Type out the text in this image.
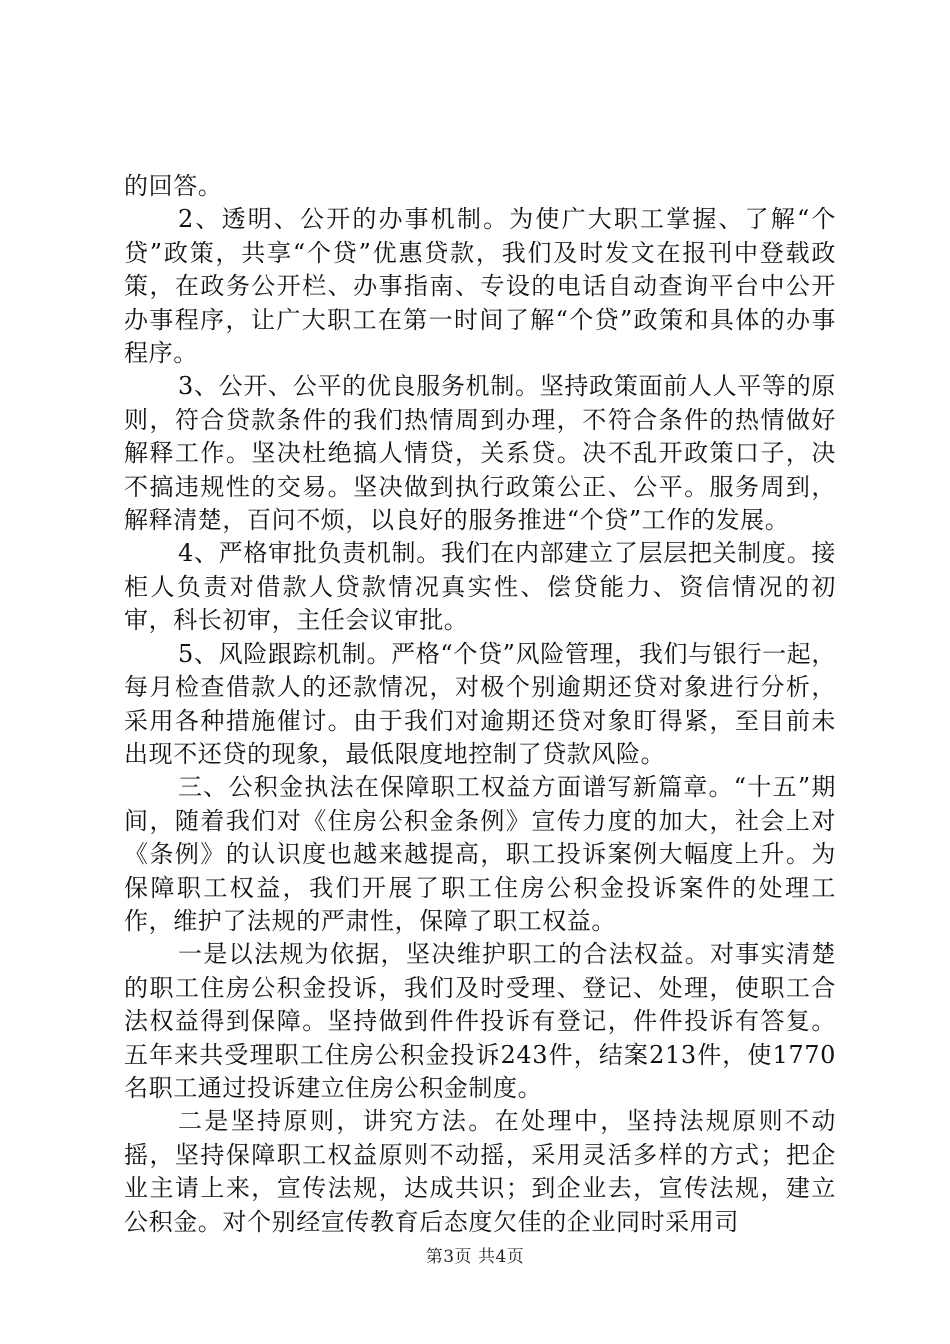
的回答。

2、透明、公开的办事机制。为使广大职工掌握、了解“个贷”政策，共享“个贷”优惠贷款，我们及时发文在报刊中登载政策，在政务公开栏、办事指南、专设的电话自动查询平台中公开办事程序，让广大职工在第一时间了解“个贷”政策和具体的办事程序。

3、公开、公平的优良服务机制。坚持政策面前人人平等的原则，符合贷款条件的我们热情周到办理，不符合条件的热情做好解释工作。坚决杜绝搞人情贷，关系贷。决不乱开政策口子，决不搞违规性的交易。坚决做到执行政策公正、公平。服务周到，解释清楚，百问不烦，以良好的服务推进“个贷”工作的发展。

4、严格审批负责机制。我们在内部建立了层层把关制度。接柜人负责对借款人贷款情况真实性、偿贷能力、资信情况的初审，科长初审，主任会议审批。

5、风险跟踪机制。严格“个贷”风险管理，我们与银行一起，每月检查借款人的还款情况，对极个别逾期还贷对象进行分析，采用各种措施催讨。由于我们对逾期还贷对象盯得紧，至目前未出现不还贷的现象，最低限度地控制了贷款风险。

三、公积金执法在保障职工权益方面谱写新篇章。“十五”期间，随着我们对《住房公积金条例》宣传力度的加大，社会上对《条例》的认识度也越来越提高，职工投诉案例大幅度上升。为保障职工权益，我们开展了职工住房公积金投诉案件的处理工作，维护了法规的严肃性，保障了职工权益。

一是以法规为依据，坚决维护职工的合法权益。对事实清楚的职工住房公积金投诉，我们及时受理、登记、处理，使职工合法权益得到保障。坚持做到件件投诉有登记，件件投诉有答复。五年来共受理职工住房公积金投诉243件，结案213件，使1770名职工通过投诉建立住房公积金制度。

二是坚持原则，讲究方法。在处理中，坚持法规原则不动摇，坚持保障职工权益原则不动摇，采用灵活多样的方式；把企业主请上来，宣传法规，达成共识；到企业去，宣传法规，建立公积金。对个别经宣传教育后态度欠佳的企业同时采用司

第3页 共4页
